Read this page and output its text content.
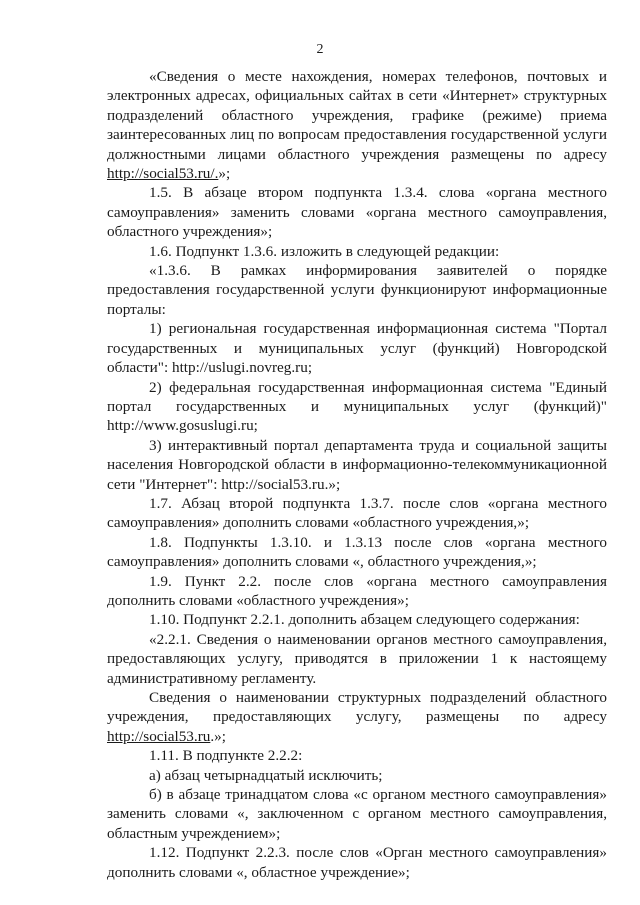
2

«Сведения о месте нахождения, номерах телефонов, почтовых и электронных адресах, официальных сайтах в сети «Интернет» структурных подразделений областного учреждения, графике (режиме) приема заинтересованных лиц по вопросам предоставления государственной услуги должностными лицами областного учреждения размещены по адресу http://social53.ru/.»;

1.5. В абзаце втором подпункта 1.3.4. слова «органа местного самоуправления» заменить словами «органа местного самоуправления, областного учреждения»;

1.6. Подпункт 1.3.6. изложить в следующей редакции:

«1.3.6. В рамках информирования заявителей о порядке предоставления государственной услуги функционируют информационные порталы:

1) региональная государственная информационная система "Портал государственных и муниципальных услуг (функций) Новгородской области": http://uslugi.novreg.ru;

2) федеральная государственная информационная система "Единый портал государственных и муниципальных услуг (функций)" http://www.gosuslugi.ru;

3) интерактивный портал департамента труда и социальной защиты населения Новгородской области в информационно-телекоммуникационной сети "Интернет": http://social53.ru.»;

1.7. Абзац второй подпункта 1.3.7. после слов «органа местного самоуправления» дополнить словами «областного учреждения,»;

1.8. Подпункты 1.3.10. и 1.3.13 после слов «органа местного самоуправления» дополнить словами «, областного учреждения,»;

1.9. Пункт 2.2. после слов «органа местного самоуправления дополнить словами «областного учреждения»;

1.10. Подпункт 2.2.1. дополнить абзацем следующего содержания:

«2.2.1. Сведения о наименовании органов местного самоуправления, предоставляющих услугу, приводятся в приложении 1 к настоящему административному регламенту.

Сведения о наименовании структурных подразделений областного учреждения, предоставляющих услугу, размещены по адресу http://social53.ru.»;

1.11. В подпункте 2.2.2:

а) абзац четырнадцатый исключить;

б) в абзаце тринадцатом слова «с органом местного самоуправления» заменить словами «, заключенном с органом местного самоуправления, областным учреждением»;

1.12. Подпункт 2.2.3. после слов «Орган местного самоуправления» дополнить словами «, областное учреждение»;
